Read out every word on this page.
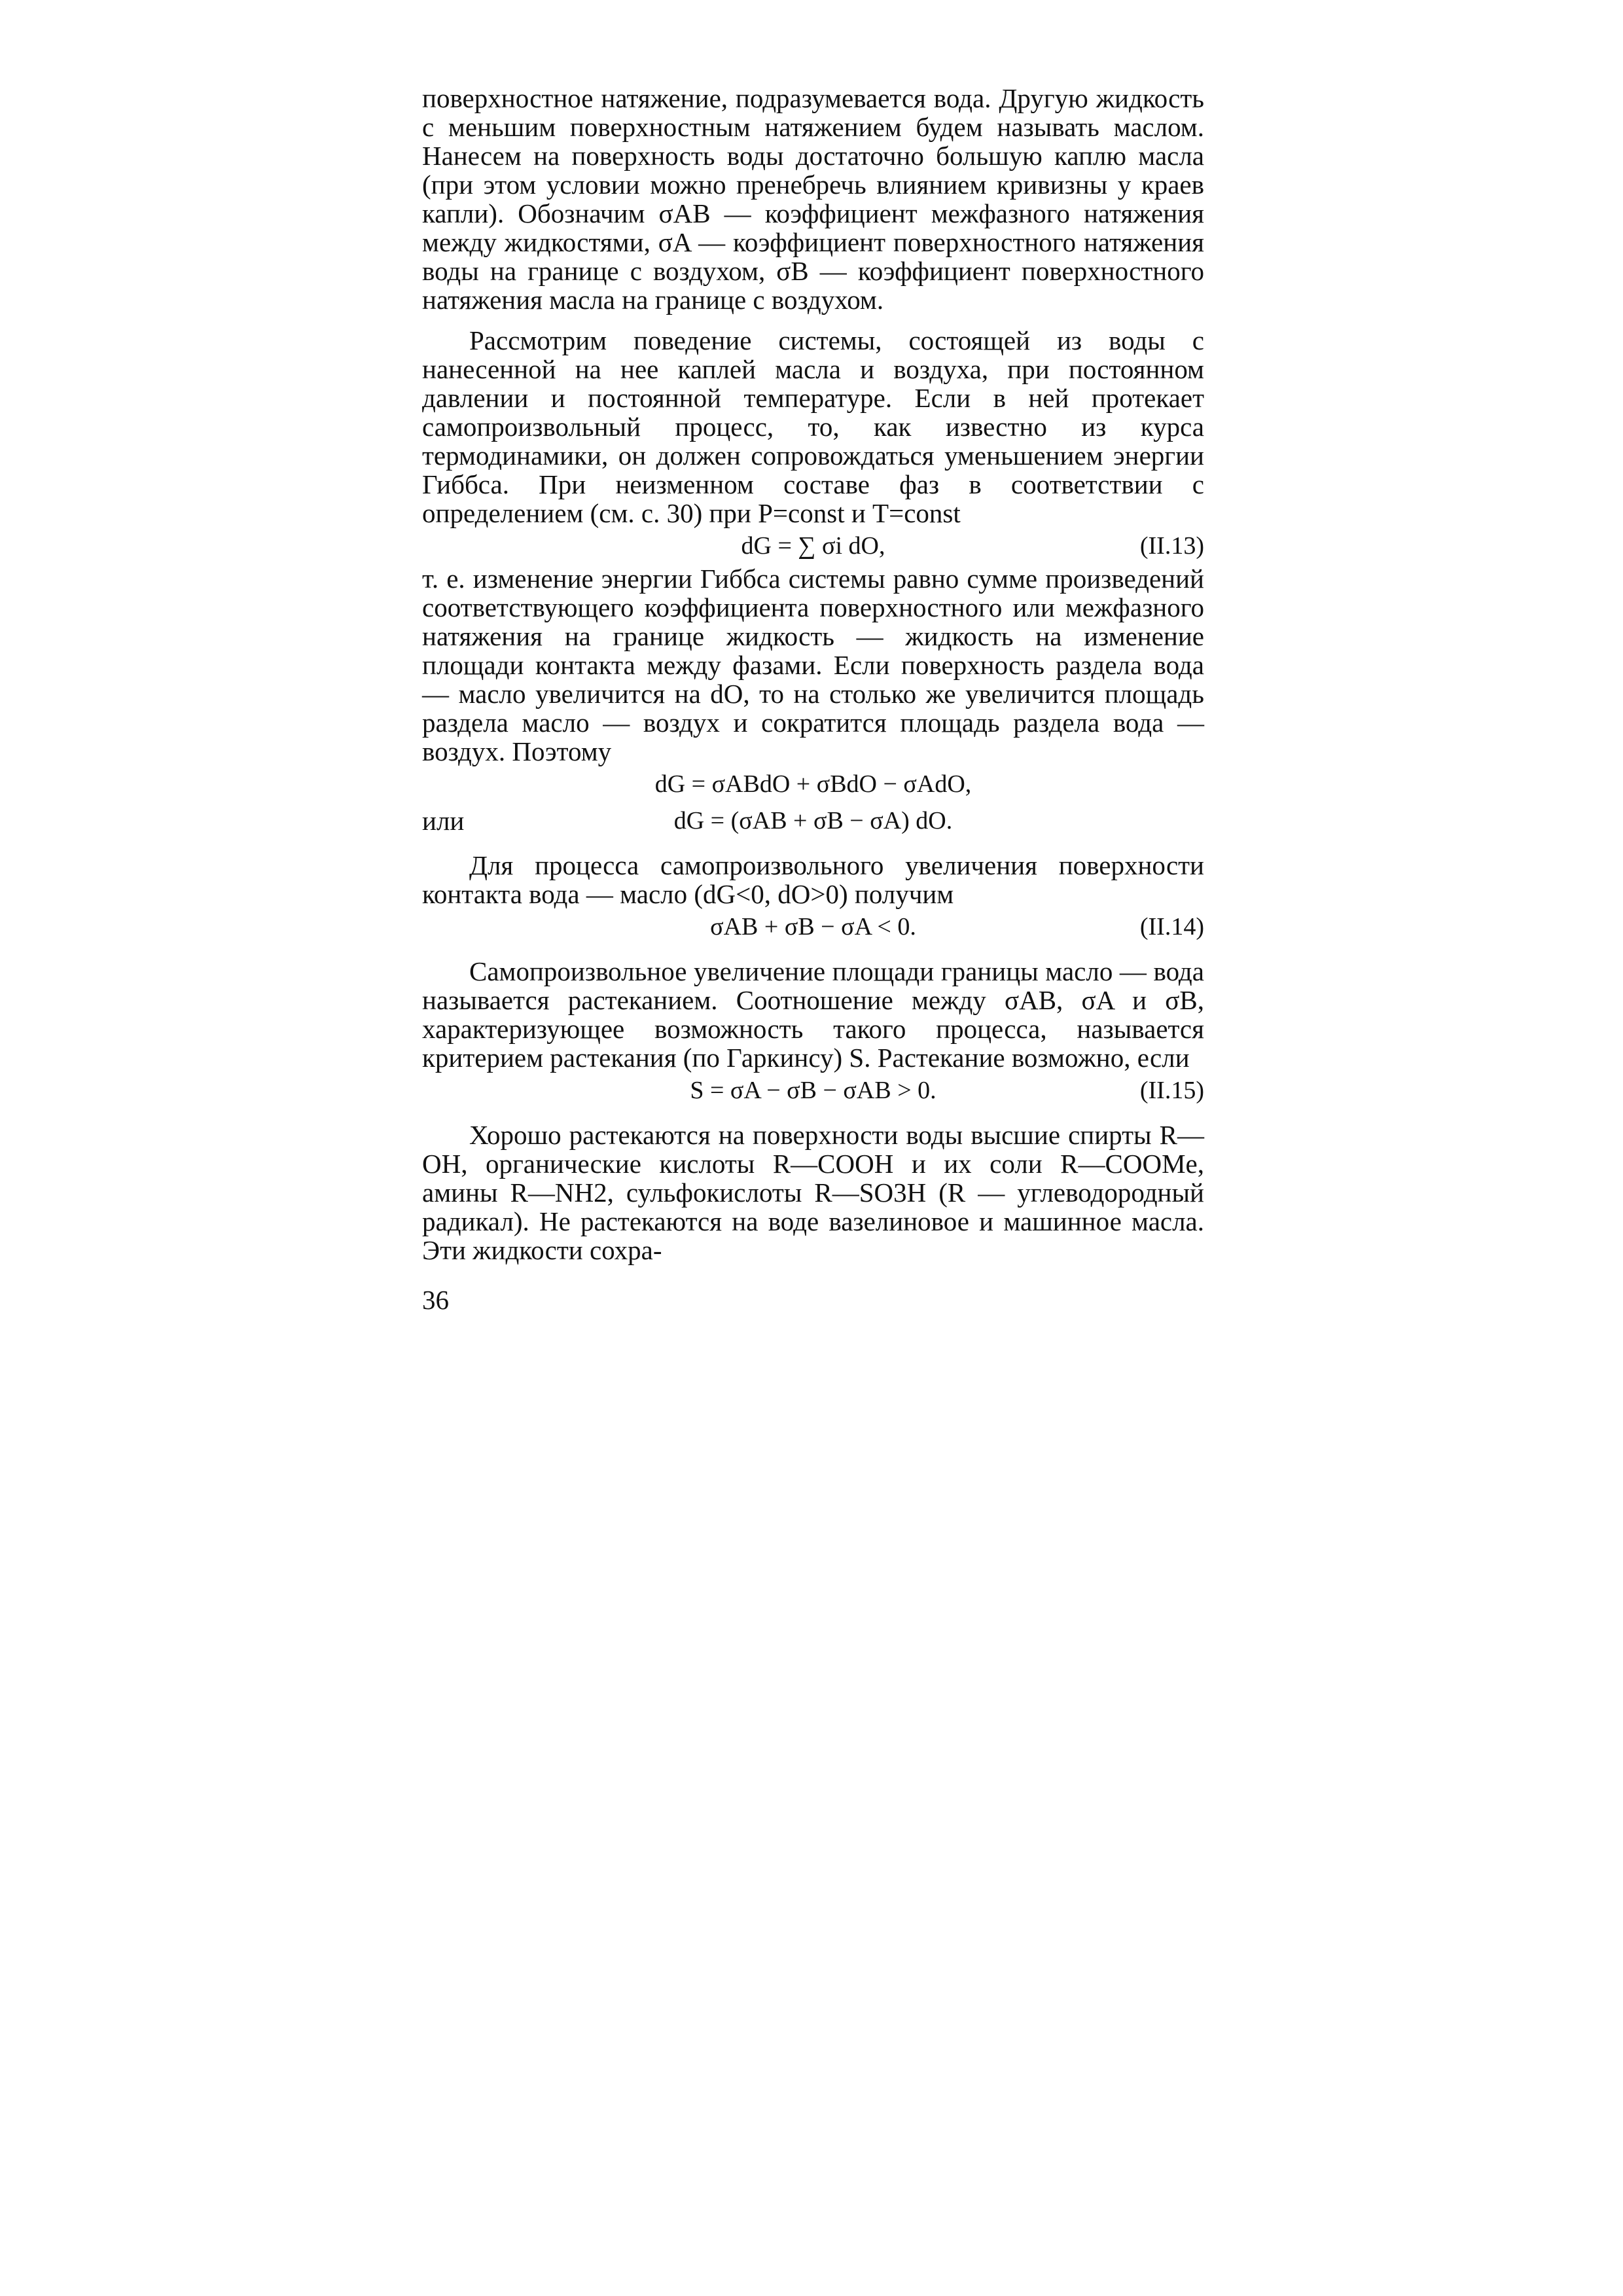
поверхностное натяжение, подразумевается вода. Другую жидкость с меньшим поверхностным натяжением будем называть маслом. Нанесем на поверхность воды достаточно большую каплю масла (при этом условии можно пренебречь влиянием кривизны у краев капли). Обозначим σAB — коэффициент межфазного натяжения между жидкостями, σA — коэффициент поверхностного натяжения воды на границе с воздухом, σB — коэффициент поверхностного натяжения масла на границе с воздухом.

Рассмотрим поведение системы, состоящей из воды с нанесенной на нее каплей масла и воздуха, при постоянном давлении и постоянной температуре. Если в ней протекает самопроизвольный процесс, то, как известно из курса термодинамики, он должен сопровождаться уменьшением энергии Гиббса. При неизменном составе фаз в соответствии с определением (см. с. 30) при P=const и T=const

dG = ∑ σi dO,	(II.13)

т. е. изменение энергии Гиббса системы равно сумме произведений соответствующего коэффициента поверхностного или межфазного натяжения на границе жидкость — жидкость на изменение площади контакта между фазами. Если поверхность раздела вода — масло увеличится на dO, то на столько же увеличится площадь раздела масло — воздух и сократится площадь раздела вода — воздух. Поэтому

dG = σABdO + σBdO − σAdO,
или	dG = (σAB + σB − σA) dO.

Для процесса самопроизвольного увеличения поверхности контакта вода — масло (dG<0, dO>0) получим

σAB + σB − σA < 0.	(II.14)

Самопроизвольное увеличение площади границы масло — вода называется растеканием. Соотношение между σAB, σA и σB, характеризующее возможность такого процесса, называется критерием растекания (по Гаркинсу) S. Растекание возможно, если

S = σA − σB − σAB > 0.	(II.15)

Хорошо растекаются на поверхности воды высшие спирты R—OH, органические кислоты R—COOH и их соли R—COOMe, амины R—NH2, сульфокислоты R—SO3H (R — углеводородный радикал). Не растекаются на воде вазелиновое и машинное масла. Эти жидкости сохра-

36
